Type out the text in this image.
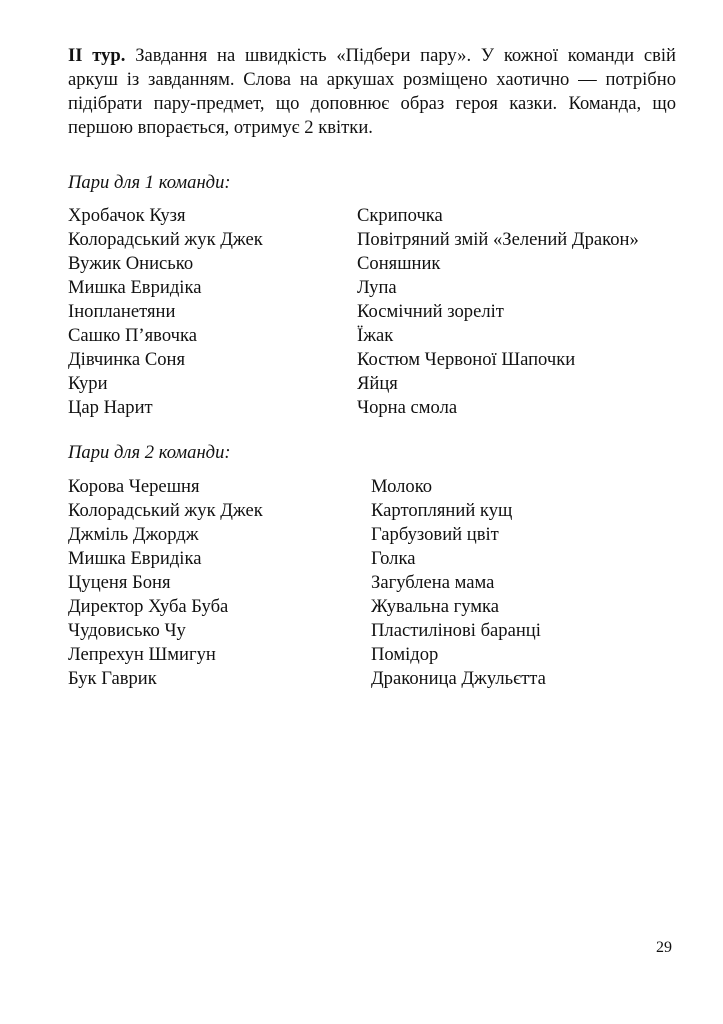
II тур. Завдання на швидкість «Підбери пару». У кожної команди свій аркуш із завданням. Слова на аркушах розміщено хаотично — потрібно підібрати пару-предмет, що доповнює образ героя казки. Команда, що першою впорається, отримує 2 квітки.

Пари для 1 команди:
Хробачок Кузя	Скрипочка
Колорадський жук Джек	Повітряний змій «Зелений Дракон»
Вужик Онисько	Соняшник
Мишка Евридіка	Лупа
Інопланетяни	Космічний зореліт
Сашко П’явочка	Їжак
Дівчинка Соня	Костюм Червоної Шапочки
Кури	Яйця
Цар Нарит	Чорна смола
Пари для 2 команди:
Корова Черешня	Молоко
Колорадський жук Джек	Картопляний кущ
Джміль Джордж	Гарбузовий цвіт
Мишка Евридіка	Голка
Цуценя Боня	Загублена мама
Директор Хуба Буба	Жувальна гумка
Чудовисько Чу	Пластилінові баранці
Лепрехун Шмигун	Помідор
Бук Гаврик	Драконица Джульєтта
29
